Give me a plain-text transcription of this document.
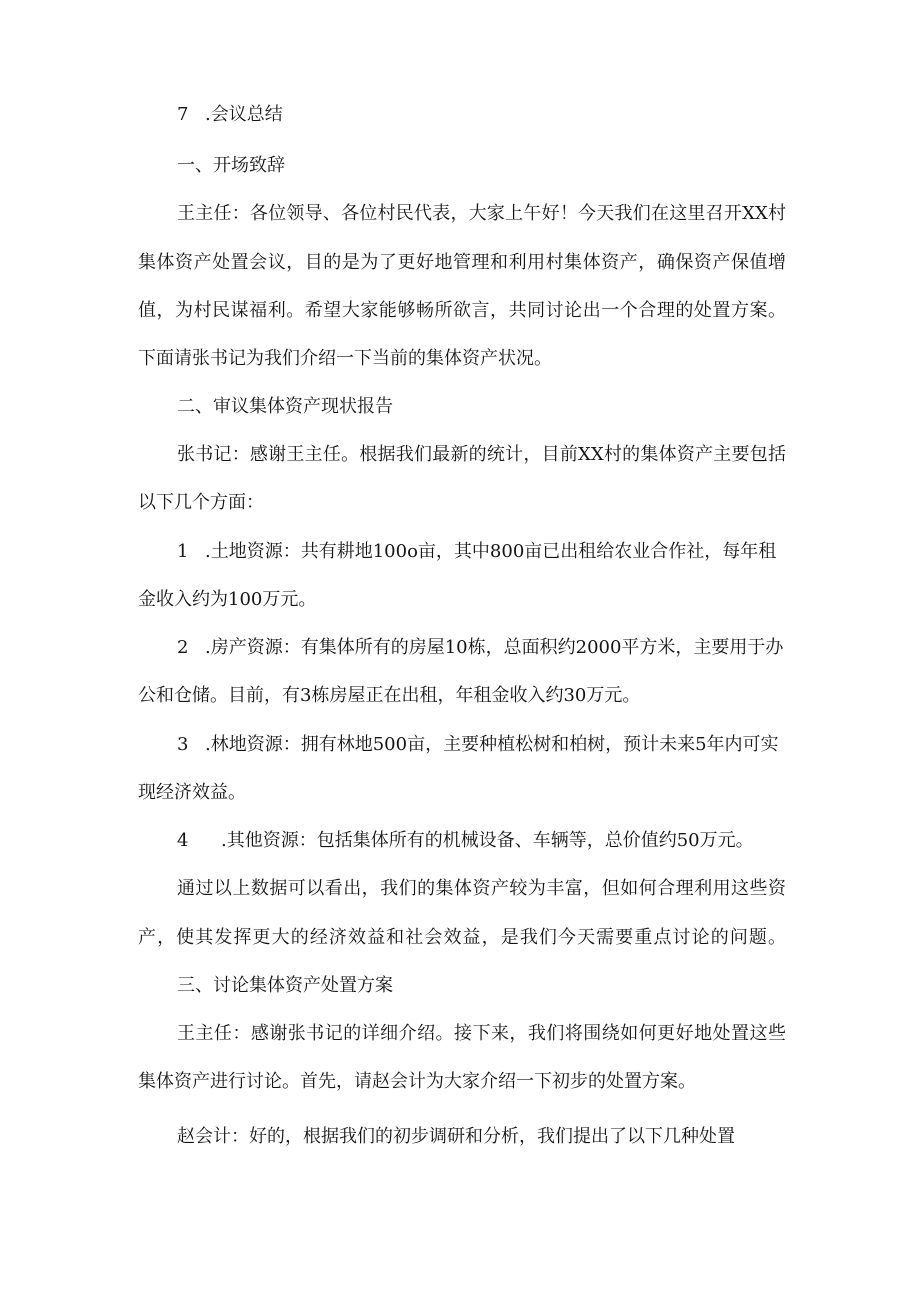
7 .会议总结
一、开场致辞
王主任：各位领导、各位村民代表，大家上午好！今天我们在这里召开XX村
集体资产处置会议，目的是为了更好地管理和利用村集体资产，确保资产保值增
值，为村民谋福利。希望大家能够畅所欲言，共同讨论出一个合理的处置方案。
下面请张书记为我们介绍一下当前的集体资产状况。
二、审议集体资产现状报告
张书记：感谢王主任。根据我们最新的统计，目前XX村的集体资产主要包括
以下几个方面：
1 .土地资源：共有耕地100o亩，其中800亩已出租给农业合作社，每年租
金收入约为100万元。
2 .房产资源：有集体所有的房屋10栋，总面积约2000平方米，主要用于办
公和仓储。目前，有3栋房屋正在出租，年租金收入约30万元。
3 .林地资源：拥有林地500亩，主要种植松树和柏树，预计未来5年内可实
现经济效益。
4 .其他资源：包括集体所有的机械设备、车辆等，总价值约50万元。
通过以上数据可以看出，我们的集体资产较为丰富，但如何合理利用这些资
产，使其发挥更大的经济效益和社会效益，是我们今天需要重点讨论的问题。
三、讨论集体资产处置方案
王主任：感谢张书记的详细介绍。接下来，我们将围绕如何更好地处置这些
集体资产进行讨论。首先，请赵会计为大家介绍一下初步的处置方案。
赵会计：好的，根据我们的初步调研和分析，我们提出了以下几种处置
